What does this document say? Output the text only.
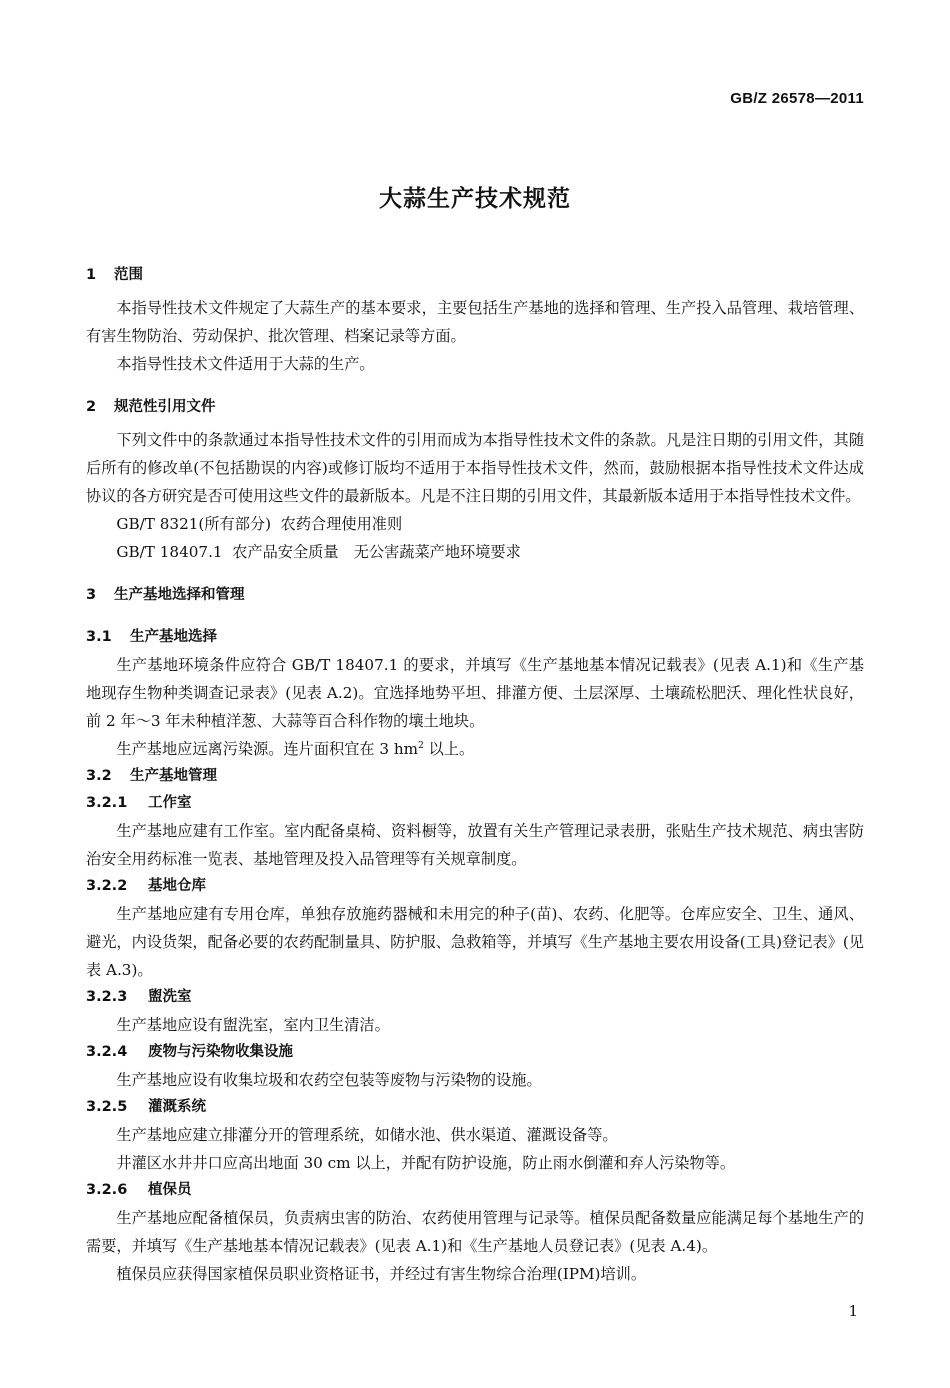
GB/Z 26578—2011
大蒜生产技术规范
1 范围

本指导性技术文件规定了大蒜生产的基本要求，主要包括生产基地的选择和管理、生产投入品管理、栽培管理、有害生物防治、劳动保护、批次管理、档案记录等方面。

本指导性技术文件适用于大蒜的生产。

2 规范性引用文件

下列文件中的条款通过本指导性技术文件的引用而成为本指导性技术文件的条款。凡是注日期的引用文件，其随后所有的修改单(不包括勘误的内容)或修订版均不适用于本指导性技术文件，然而，鼓励根据本指导性技术文件达成协议的各方研究是否可使用这些文件的最新版本。凡是不注日期的引用文件，其最新版本适用于本指导性技术文件。

GB/T 8321(所有部分) 农药合理使用准则

GB/T 18407.1 农产品安全质量　无公害蔬菜产地环境要求

3 生产基地选择和管理
3.1 生产基地选择

生产基地环境条件应符合 GB/T 18407.1 的要求，并填写《生产基地基本情况记载表》(见表 A.1)和《生产基地现存生物种类调查记录表》(见表 A.2)。宜选择地势平坦、排灌方便、土层深厚、土壤疏松肥沃、理化性状良好，前 2 年～3 年未种植洋葱、大蒜等百合科作物的壤土地块。

生产基地应远离污染源。连片面积宜在 3 $hm^2$ 以上。

3.2 生产基地管理
3.2.1 工作室

生产基地应建有工作室。室内配备桌椅、资料橱等，放置有关生产管理记录表册，张贴生产技术规范、病虫害防治安全用药标准一览表、基地管理及投入品管理等有关规章制度。

3.2.2 基地仓库

生产基地应建有专用仓库，单独存放施药器械和未用完的种子(苗)、农药、化肥等。仓库应安全、卫生、通风、避光，内设货架，配备必要的农药配制量具、防护服、急救箱等，并填写《生产基地主要农用设备(工具)登记表》(见表 A.3)。

3.2.3 盥洗室

生产基地应设有盥洗室，室内卫生清洁。

3.2.4 废物与污染物收集设施

生产基地应设有收集垃圾和农药空包装等废物与污染物的设施。

3.2.5 灌溉系统

生产基地应建立排灌分开的管理系统，如储水池、供水渠道、灌溉设备等。

井灌区水井井口应高出地面 30 cm 以上，并配有防护设施，防止雨水倒灌和弃人污染物等。

3.2.6 植保员

生产基地应配备植保员，负责病虫害的防治、农药使用管理与记录等。植保员配备数量应能满足每个基地生产的需要，并填写《生产基地基本情况记载表》(见表 A.1)和《生产基地人员登记表》(见表 A.4)。

植保员应获得国家植保员职业资格证书，并经过有害生物综合治理(IPM)培训。

1
